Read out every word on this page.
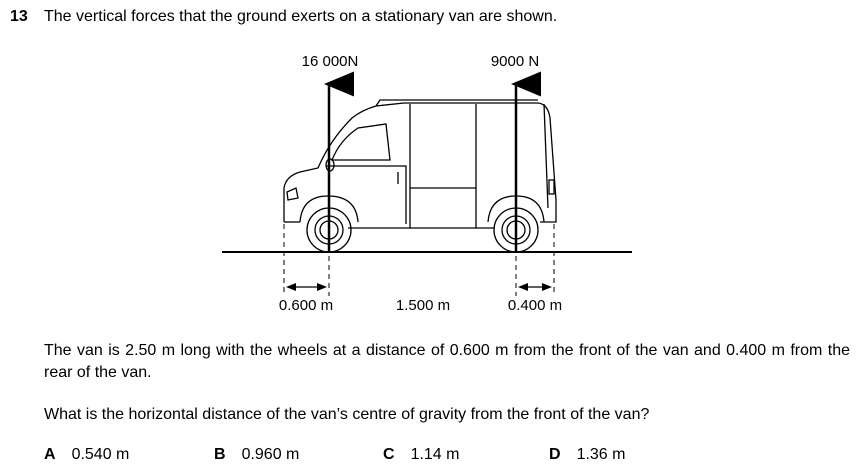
13 The vertical forces that the ground exerts on a stationary van are shown.
16 000N	9000 N
0.600 m	1.500 m	0.400 m
The van is 2.50 m long with the wheels at a distance of 0.600 m from the front of the van and 0.400 m from the rear of the van.
What is the horizontal distance of the van’s centre of gravity from the front of the van?
A 0.540 m	B 0.960 m	C 1.14 m	D 1.36 m
